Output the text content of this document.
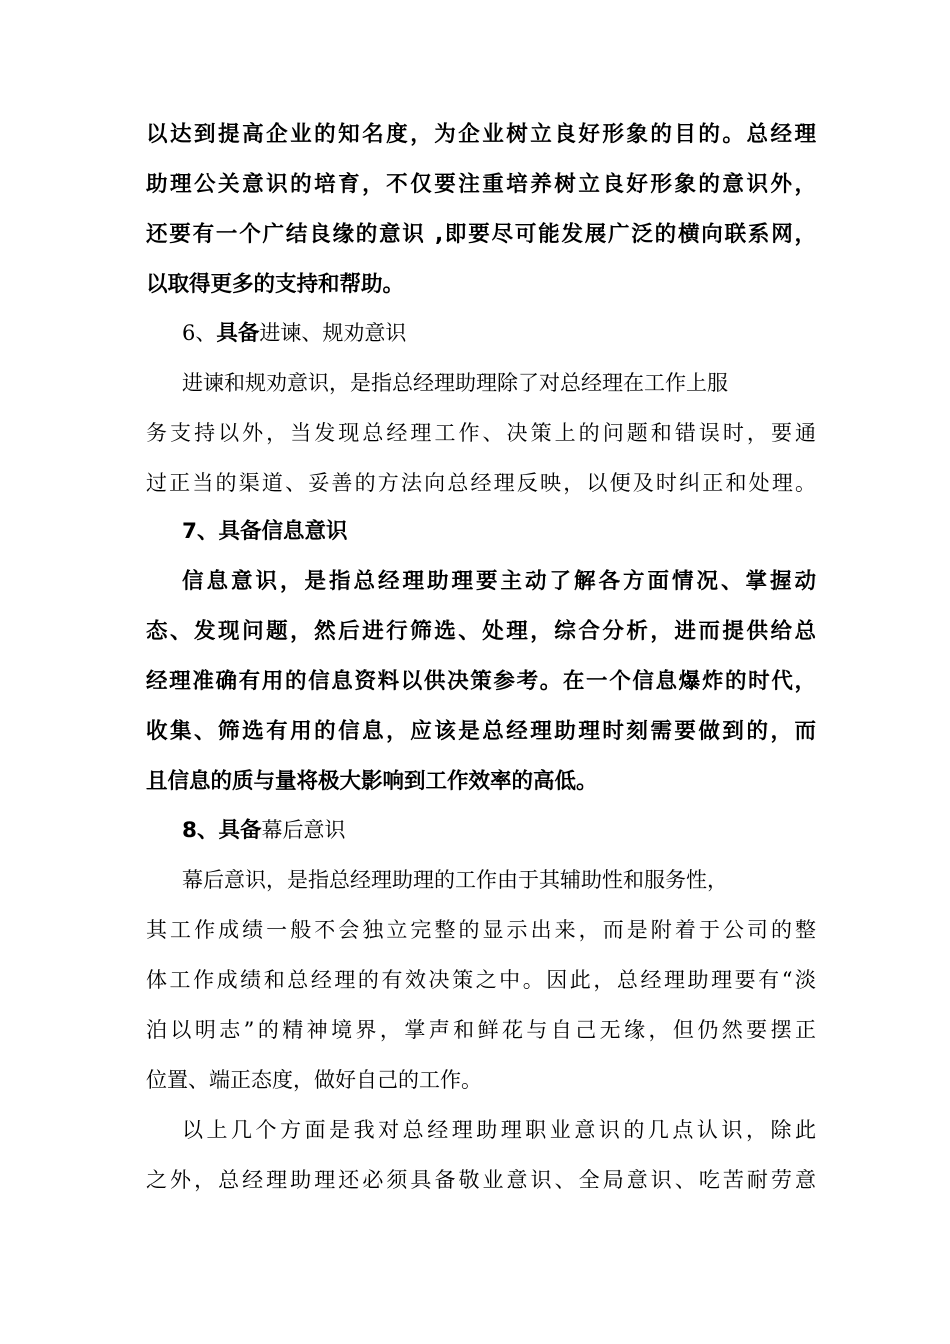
以达到提高企业的知名度，为企业树立良好形象的目的。总经理
助理公关意识的培育，不仅要注重培养树立良好形象的意识外，
还要有一个广结良缘的意识 ,即要尽可能发展广泛的横向联系网，
以取得更多的支持和帮助。
6、具备进谏、规劝意识
进谏和规劝意识，是指总经理助理除了对总经理在工作上服
务支持以外，当发现总经理工作、决策上的问题和错误时，要通
过正当的渠道、妥善的方法向总经理反映，以便及时纠正和处理。
7、具备信息意识
信息意识，是指总经理助理要主动了解各方面情况、掌握动
态、发现问题，然后进行筛选、处理，综合分析，进而提供给总
经理准确有用的信息资料以供决策参考。在一个信息爆炸的时代，
收集、筛选有用的信息，应该是总经理助理时刻需要做到的，而
且信息的质与量将极大影响到工作效率的高低。
8、具备幕后意识
幕后意识，是指总经理助理的工作由于其辅助性和服务性，
其工作成绩一般不会独立完整的显示出来，而是附着于公司的整
体工作成绩和总经理的有效决策之中。因此，总经理助理要有“淡
泊以明志”的精神境界，掌声和鲜花与自己无缘，但仍然要摆正
位置、端正态度，做好自己的工作。
以上几个方面是我对总经理助理职业意识的几点认识，除此
之外，总经理助理还必须具备敬业意识、全局意识、吃苦耐劳意
